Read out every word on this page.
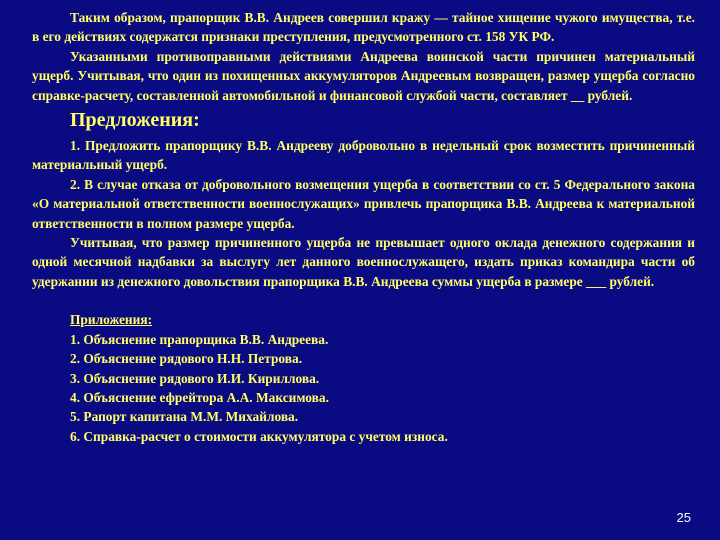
Таким образом, прапорщик В.В. Андреев совершил кражу — тайное хищение чужого имущества, т.е. в его действиях содержатся признаки преступления, предусмотренного ст. 158 УК РФ.

Указанными противоправными действиями Андреева воинской части причинен материальный ущерб. Учитывая, что один из похищенных аккумуляторов Андреевым возвращен, размер ущерба согласно справке-расчету, составленной автомобильной и финансовой службой части, составляет __ рублей.

Предложения:

1. Предложить прапорщику В.В. Андрееву добровольно в недельный срок возместить причиненный материальный ущерб.

2. В случае отказа от добровольного возмещения ущерба в соответствии со ст. 5 Федерального закона «О материальной ответственности военнослужащих» привлечь прапорщика В.В. Андреева к материальной ответственности в полном размере ущерба.

Учитывая, что размер причиненного ущерба не превышает одного оклада денежного содержания и одной месячной надбавки за выслугу лет данного военнослужащего, издать приказ командира части об удержании из денежного довольствия прапорщика В.В. Андреева суммы ущерба в размере ___ рублей.

Приложения:

1. Объяснение прапорщика В.В. Андреева.

2. Объяснение рядового Н.Н. Петрова.

3. Объяснение рядового И.И. Кириллова.

4. Объяснение ефрейтора А.А. Максимова.

5. Рапорт капитана М.М. Михайлова.

6. Справка-расчет о стоимости аккумулятора с учетом износа.

25
